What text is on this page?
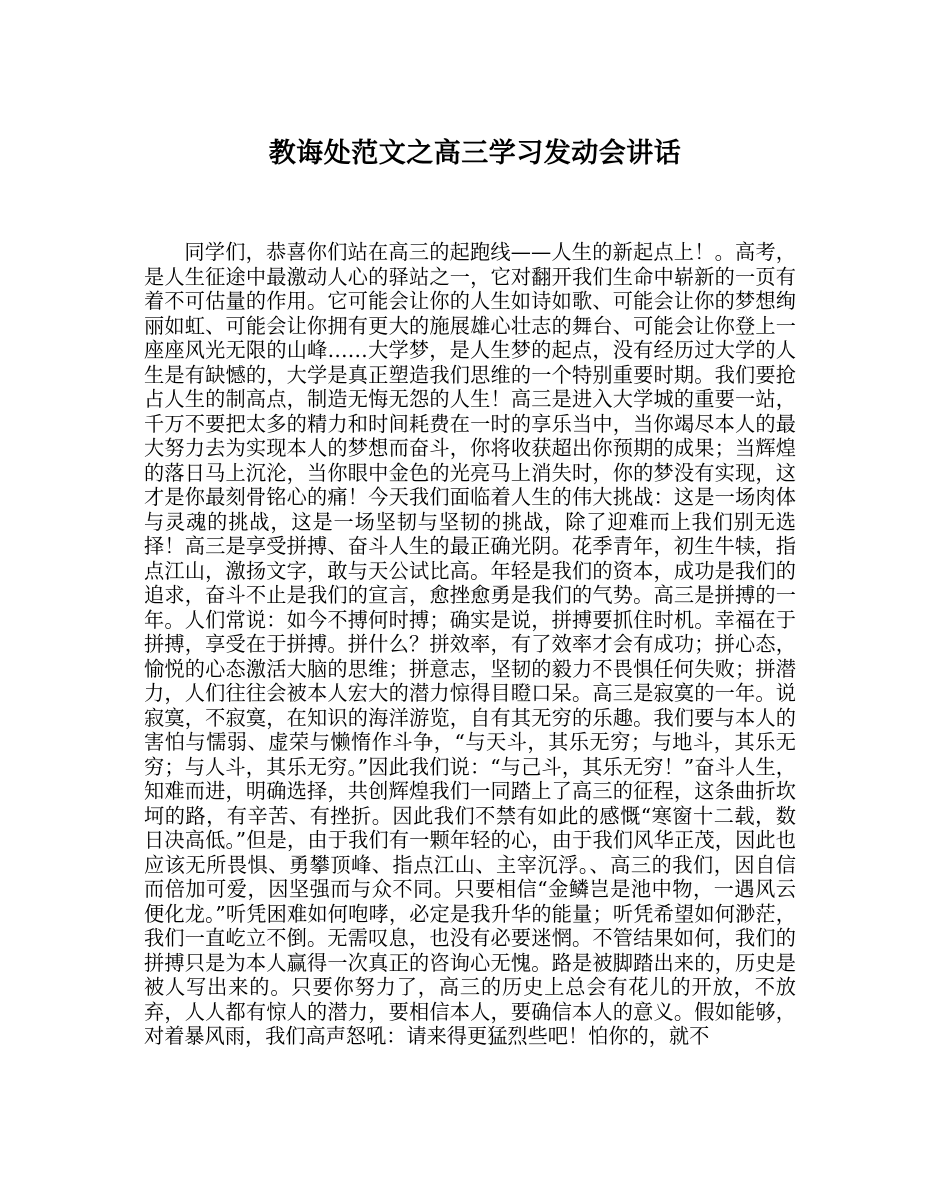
教诲处范文之高三学习发动会讲话

同学们，恭喜你们站在高三的起跑线——人生的新起点上！。高考，是人生征途中最激动人心的驿站之一，它对翻开我们生命中崭新的一页有着不可估量的作用。它可能会让你的人生如诗如歌、可能会让你的梦想绚丽如虹、可能会让你拥有更大的施展雄心壮志的舞台、可能会让你登上一座座风光无限的山峰……大学梦，是人生梦的起点，没有经历过大学的人生是有缺憾的，大学是真正塑造我们思维的一个特别重要时期。我们要抢占人生的制高点，制造无悔无怨的人生！高三是进入大学城的重要一站，千万不要把太多的精力和时间耗费在一时的享乐当中，当你竭尽本人的最大努力去为实现本人的梦想而奋斗，你将收获超出你预期的成果；当辉煌的落日马上沉沦，当你眼中金色的光亮马上消失时，你的梦没有实现，这才是你最刻骨铭心的痛！今天我们面临着人生的伟大挑战：这是一场肉体与灵魂的挑战，这是一场坚韧与坚韧的挑战，除了迎难而上我们别无选择！高三是享受拼搏、奋斗人生的最正确光阴。花季青年，初生牛犊，指点江山，激扬文字，敢与天公试比高。年轻是我们的资本，成功是我们的追求，奋斗不止是我们的宣言，愈挫愈勇是我们的气势。高三是拼搏的一年。人们常说：如今不搏何时搏；确实是说，拼搏要抓住时机。幸福在于拼搏，享受在于拼搏。拼什么？拼效率，有了效率才会有成功；拼心态，愉悦的心态激活大脑的思维；拼意志，坚韧的毅力不畏惧任何失败；拼潜力，人们往往会被本人宏大的潜力惊得目瞪口呆。高三是寂寞的一年。说寂寞，不寂寞，在知识的海洋游览，自有其无穷的乐趣。我们要与本人的害怕与懦弱、虚荣与懒惰作斗争，“与天斗，其乐无穷；与地斗，其乐无穷；与人斗，其乐无穷。”因此我们说：“与己斗，其乐无穷！”奋斗人生，知难而进，明确选择，共创辉煌我们一同踏上了高三的征程，这条曲折坎坷的路，有辛苦、有挫折。因此我们不禁有如此的感慨“寒窗十二载，数日决高低。”但是，由于我们有一颗年轻的心，由于我们风华正茂，因此也应该无所畏惧、勇攀顶峰、指点江山、主宰沉浮。、高三的我们，因自信而倍加可爱，因坚强而与众不同。只要相信“金鳞岂是池中物，一遇风云便化龙。”听凭困难如何咆哮，必定是我升华的能量；听凭希望如何渺茫，我们一直屹立不倒。无需叹息，也没有必要迷惘。不管结果如何，我们的拼搏只是为本人赢得一次真正的咨询心无愧。路是被脚踏出来的，历史是被人写出来的。只要你努力了，高三的历史上总会有花儿的开放，不放弃，人人都有惊人的潜力，要相信本人，要确信本人的意义。假如能够，对着暴风雨，我们高声怒吼：请来得更猛烈些吧！怕你的，就不
